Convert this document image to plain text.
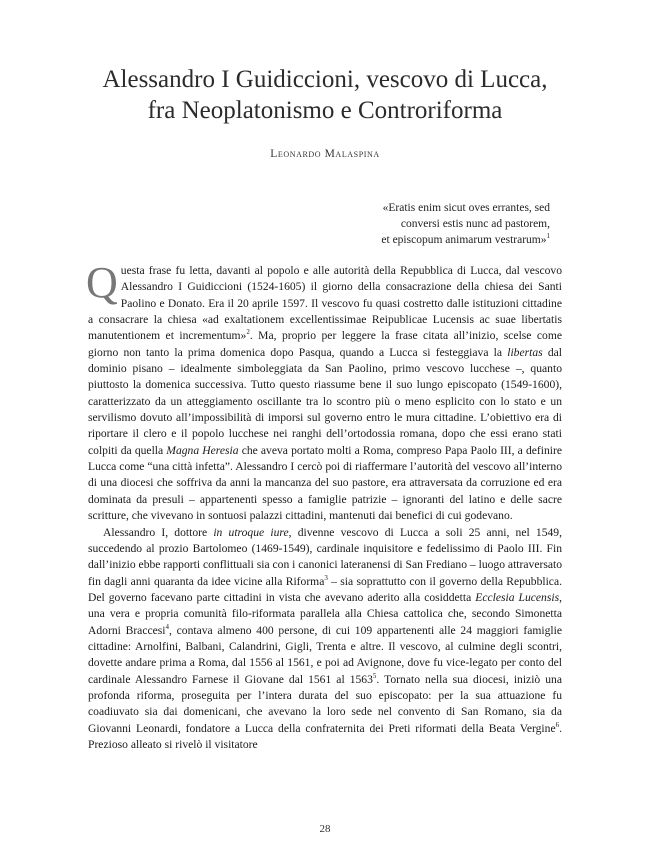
Alessandro I Guidiccioni, vescovo di Lucca,
fra Neoplatonismo e Controriforma
Leonardo Malaspina
«Eratis enim sicut oves errantes, sed
conversi estis nunc ad pastorem,
et episcopum animarum vestrarum»$^1$

Questa frase fu letta, davanti al popolo e alle autorità della Repubblica di Lucca, dal vescovo Alessandro I Guidiccioni (1524-1605) il giorno della consacrazione della chiesa dei Santi Paolino e Donato. Era il 20 aprile 1597. Il vescovo fu quasi costretto dalle istituzioni cittadine a consacrare la chiesa «ad exaltationem excellentissimae Reipublicae Lucensis ac suae libertatis manutentionem et incrementum»$^2$. Ma, proprio per leggere la frase citata all’inizio, scelse come giorno non tanto la prima domenica dopo Pasqua, quando a Lucca si festeggiava la libertas dal dominio pisano – idealmente simboleggiata da San Paolino, primo vescovo lucchese –, quanto piuttosto la domenica successiva. Tutto questo riassume bene il suo lungo episcopato (1549-1600), caratterizzato da un atteggiamento oscillante tra lo scontro più o meno esplicito con lo stato e un servilismo dovuto all’impossibilità di imporsi sul governo entro le mura cittadine. L’obiettivo era di riportare il clero e il popolo lucchese nei ranghi dell’ortodossia romana, dopo che essi erano stati colpiti da quella Magna Heresia che aveva portato molti a Roma, compreso Papa Paolo III, a definire Lucca come “una città infetta”. Alessandro I cercò poi di riaffermare l’autorità del vescovo all’interno di una diocesi che soffriva da anni la mancanza del suo pastore, era attraversata da corruzione ed era dominata da presuli – appartenenti spesso a famiglie patrizie – ignoranti del latino e delle sacre scritture, che vivevano in sontuosi palazzi cittadini, mantenuti dai benefici di cui godevano.

Alessandro I, dottore in utroque iure, divenne vescovo di Lucca a soli 25 anni, nel 1549, succedendo al prozio Bartolomeo (1469-1549), cardinale inquisitore e fedelissimo di Paolo III. Fin dall’inizio ebbe rapporti conflittuali sia con i canonici lateranensi di San Frediano – luogo attraversato fin dagli anni quaranta da idee vicine alla Riforma$^3$ – sia soprattutto con il governo della Repubblica. Del governo facevano parte cittadini in vista che avevano aderito alla cosiddetta Ecclesia Lucensis, una vera e propria comunità filo-riformata parallela alla Chiesa cattolica che, secondo Simonetta Adorni Braccesi$^4$, contava almeno 400 persone, di cui 109 appartenenti alle 24 maggiori famiglie cittadine: Arnolfini, Balbani, Calandrini, Gigli, Trenta e altre. Il vescovo, al culmine degli scontri, dovette andare prima a Roma, dal 1556 al 1561, e poi ad Avignone, dove fu vice-legato per conto del cardinale Alessandro Farnese il Giovane dal 1561 al 1563$^5$. Tornato nella sua diocesi, iniziò una profonda riforma, proseguita per l’intera durata del suo episcopato: per la sua attuazione fu coadiuvato sia dai domenicani, che avevano la loro sede nel convento di San Romano, sia da Giovanni Leonardi, fondatore a Lucca della confraternita dei Preti riformati della Beata Vergine$^6$. Prezioso alleato si rivelò il visitatore

28
